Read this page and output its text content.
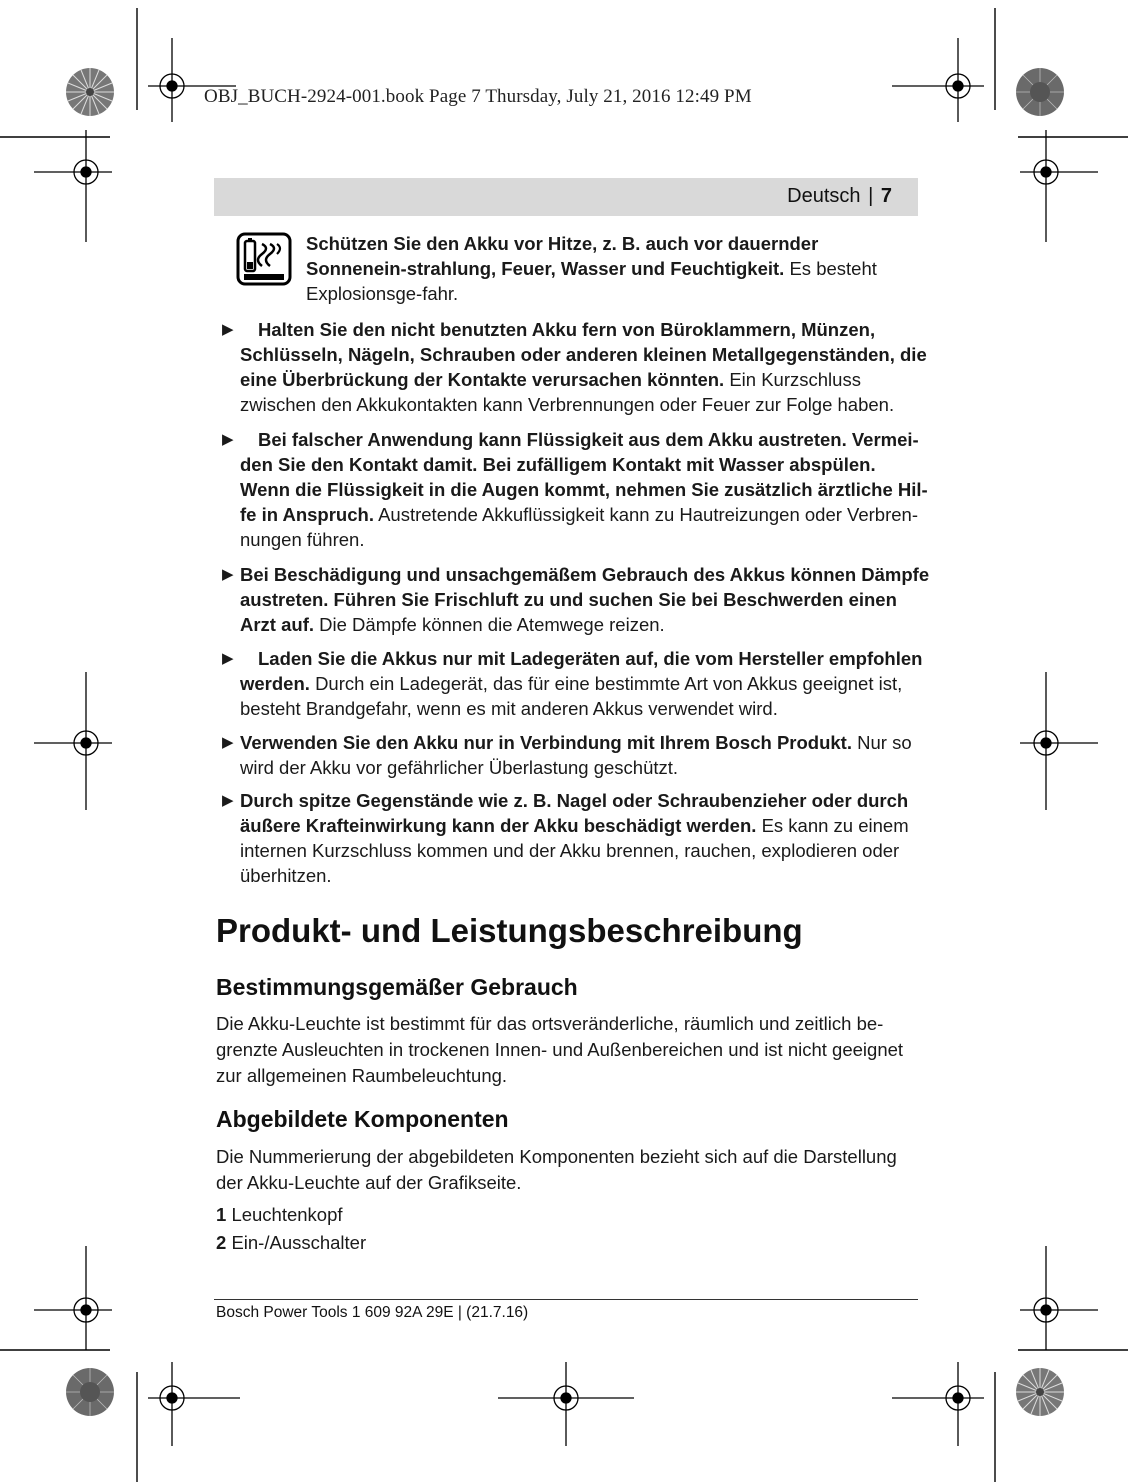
OBJ_BUCH-2924-001.book Page 7 Thursday, July 21, 2016 12:49 PM
Deutsch | 7
Schützen Sie den Akku vor Hitze, z. B. auch vor dauernder Sonnenein-strahlung, Feuer, Wasser und Feuchtigkeit. Es besteht Explosionsge-fahr.
▶	Halten Sie den nicht benutzten Akku fern von Büroklammern, Münzen, Schlüsseln, Nägeln, Schrauben oder anderen kleinen Metallgegenständen, die eine Überbrückung der Kontakte verursachen könnten. Ein Kurzschluss zwischen den Akkukontakten kann Verbrennungen oder Feuer zur Folge haben.
▶	Bei falscher Anwendung kann Flüssigkeit aus dem Akku austreten. Vermei-den Sie den Kontakt damit. Bei zufälligem Kontakt mit Wasser abspülen. Wenn die Flüssigkeit in die Augen kommt, nehmen Sie zusätzlich ärztliche Hil-fe in Anspruch. Austretende Akkuflüssigkeit kann zu Hautreizungen oder Verbren-nungen führen.
▶ Bei Beschädigung und unsachgemäßem Gebrauch des Akkus können Dämpfe austreten. Führen Sie Frischluft zu und suchen Sie bei Beschwerden einen Arzt auf. Die Dämpfe können die Atemwege reizen.
▶	Laden Sie die Akkus nur mit Ladegeräten auf, die vom Hersteller empfohlen werden. Durch ein Ladegerät, das für eine bestimmte Art von Akkus geeignet ist, besteht Brandgefahr, wenn es mit anderen Akkus verwendet wird.
▶ Verwenden Sie den Akku nur in Verbindung mit Ihrem Bosch Produkt. Nur so wird der Akku vor gefährlicher Überlastung geschützt.
▶ Durch spitze Gegenstände wie z. B. Nagel oder Schraubenzieher oder durch äußere Krafteinwirkung kann der Akku beschädigt werden. Es kann zu einem internen Kurzschluss kommen und der Akku brennen, rauchen, explodieren oder überhitzen.
Produkt- und Leistungsbeschreibung
Bestimmungsgemäßer Gebrauch
Die Akku-Leuchte ist bestimmt für das ortsveränderliche, räumlich und zeitlich be-grenzte Ausleuchten in trockenen Innen- und Außenbereichen und ist nicht geeignet zur allgemeinen Raumbeleuchtung.
Abgebildete Komponenten
Die Nummerierung der abgebildeten Komponenten bezieht sich auf die Darstellung der Akku-Leuchte auf der Grafikseite.
1 Leuchtenkopf
2 Ein-/Ausschalter
Bosch Power Tools 1 609 92A 29E | (21.7.16)
